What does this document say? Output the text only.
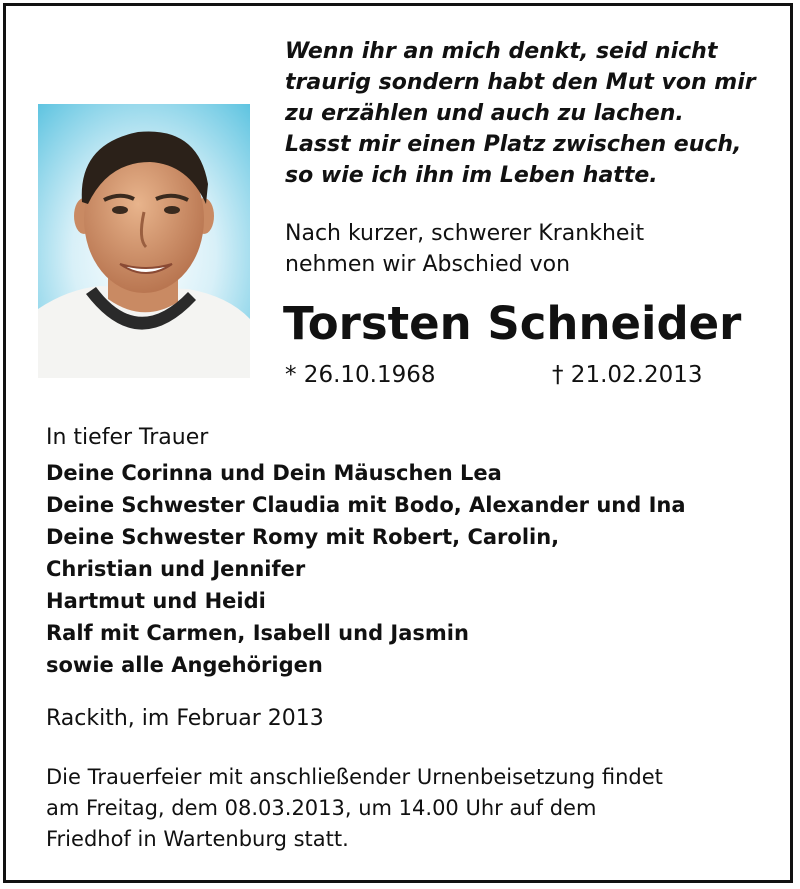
Wenn ihr an mich denkt, seid nicht
traurig sondern habt den Mut von mir
zu erzählen und auch zu lachen.
Lasst mir einen Platz zwischen euch,
so wie ich ihn im Leben hatte.
Nach kurzer, schwerer Krankheit
nehmen wir Abschied von
Torsten Schneider
* 26.10.1968	† 21.02.2013
In tiefer Trauer
Deine Corinna und Dein Mäuschen Lea
Deine Schwester Claudia mit Bodo, Alexander und Ina
Deine Schwester Romy mit Robert, Carolin,
Christian und Jennifer
Hartmut und Heidi
Ralf mit Carmen, Isabell und Jasmin
sowie alle Angehörigen
Rackith, im Februar 2013
Die Trauerfeier mit anschließender Urnenbeisetzung findet
am Freitag, dem 08.03.2013, um 14.00 Uhr auf dem
Friedhof in Wartenburg statt.
